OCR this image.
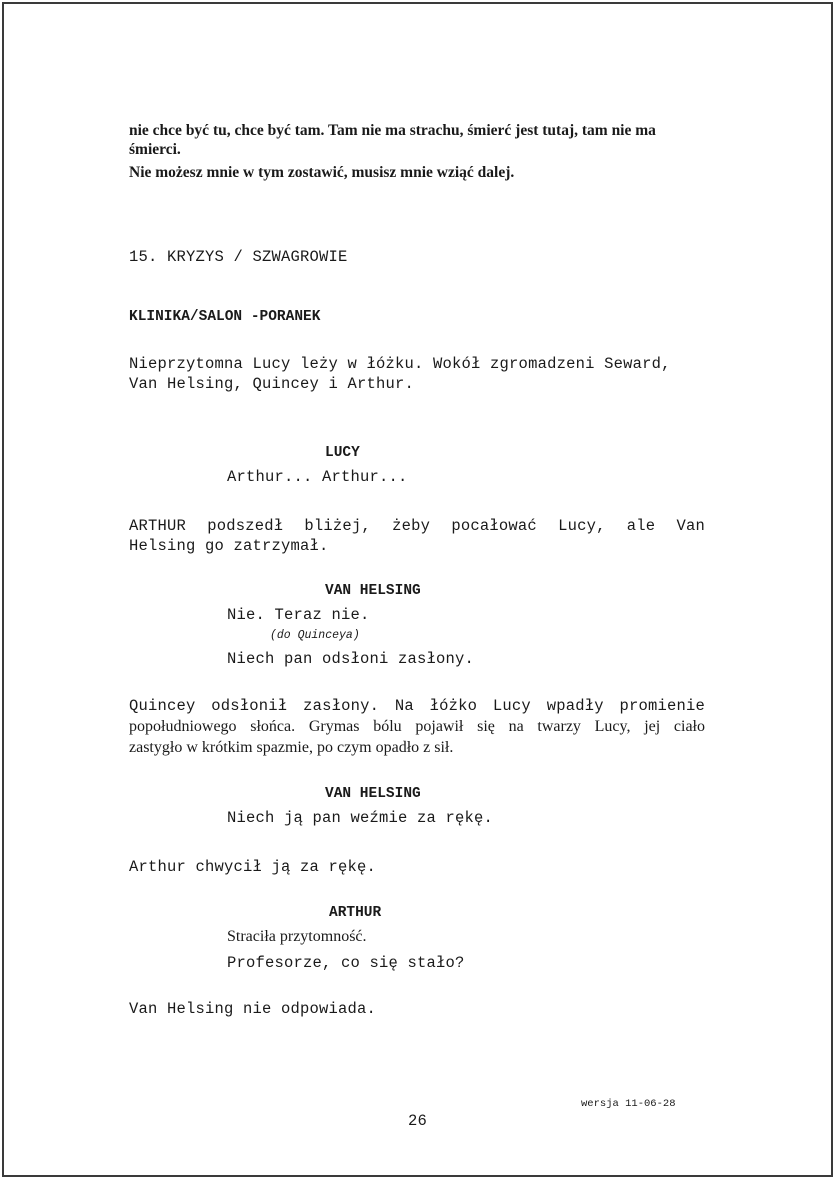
nie chce być tu, chce być tam. Tam nie ma strachu, śmierć jest tutaj, tam nie ma
śmierci.
Nie możesz mnie w tym zostawić, musisz mnie wziąć dalej.
15. KRYZYS / SZWAGROWIE
KLINIKA/SALON -PORANEK
Nieprzytomna Lucy leży w łóżku. Wokół zgromadzeni Seward,
Van Helsing, Quincey i Arthur.
LUCY
Arthur... Arthur...
ARTHUR podszedł bliżej, żeby pocałować Lucy, ale Van
Helsing go zatrzymał.
VAN HELSING
Nie. Teraz nie.
(do Quinceya)
Niech pan odsłoni zasłony.
Quincey odsłonił zasłony. Na łóżko Lucy wpadły promienie
popołudniowego słońca. Grymas bólu pojawił się na twarzy Lucy, jej ciało
zastygło w krótkim spazmie, po czym opadło z sił.
VAN HELSING
Niech ją pan weźmie za rękę.
Arthur chwycił ją za rękę.
ARTHUR
Straciła przytomność.
Profesorze, co się stało?
Van Helsing nie odpowiada.
wersja 11-06-28
26
